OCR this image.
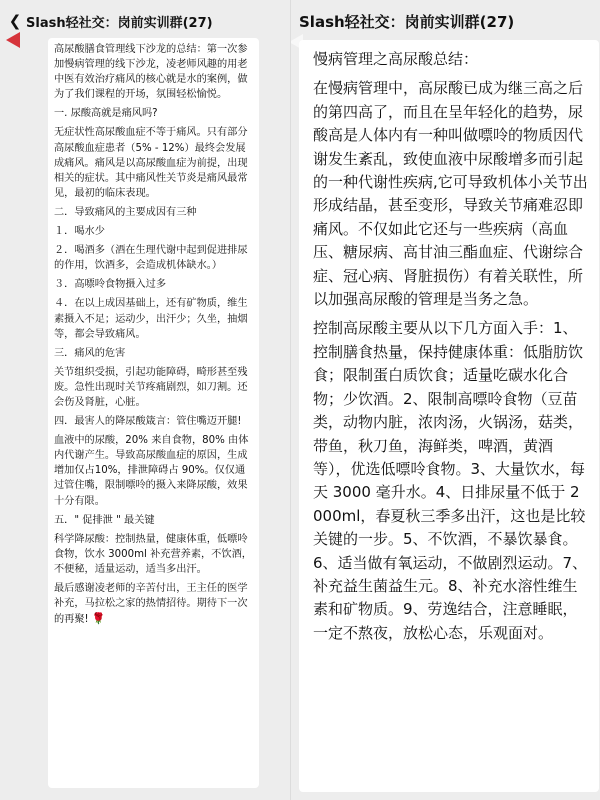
❮ Slash轻社交：岗前实训群(27)

高尿酸膳食管理线下沙龙的总结：第一次参加慢病管理的线下沙龙，凌老师风趣的用老中医有效治疗痛风的核心就是水的案例，做为了我们课程的开场，氛围轻松愉悦。

一. 尿酸高就是痛风吗?

无症状性高尿酸血症不等于痛风。只有部分高尿酸血症患者（5% - 12%）最终会发展成痛风。痛风是以高尿酸血症为前提，出现相关的症状。其中痛风性关节炎是痛风最常见，最初的临床表现。

二．导致痛风的主要成因有三种

１．喝水少

２．喝酒多（酒在生理代谢中起到促进排尿的作用，饮酒多，会造成机体缺水。）

３．高嘌呤食物摄入过多

４．在以上成因基础上，还有矿物质，维生素摄入不足；运动少，出汗少；久坐，抽烟等，都会导致痛风。

三．痛风的危害

关节组织受损，引起功能障碍，畸形甚至残废。急性出现时关节疼痛剧烈，如刀割。还会伤及肾脏，心脏。

四．最害人的降尿酸箴言：管住嘴迈开腿!

血液中的尿酸，20% 来自食物，80% 由体内代谢产生。导致高尿酸血症的原因，生成增加仅占10%，排泄障碍占 90%。仅仅通过管住嘴，限制嘌呤的摄入来降尿酸，效果十分有限。

五．" 促排泄 " 最关键

科学降尿酸：控制热量，健康体重，低嘌呤食物，饮水 3000ml 补充营养素，不饮酒，不便秘，适量运动，适当多出汗。

最后感谢凌老师的辛苦付出，王主任的医学补充，马拉松之家的热情招待。期待下一次的再聚! 🌹

Slash轻社交：岗前实训群(27)

慢病管理之高尿酸总结：

在慢病管理中，高尿酸已成为继三高之后的第四高了，而且在呈年轻化的趋势，尿酸高是人体内有一种叫做嘌呤的物质因代谢发生紊乱，致使血液中尿酸增多而引起的一种代谢性疾病,它可导致机体小关节出形成结晶，甚至变形，导致关节痛难忍即痛风。不仅如此它还与一些疾病（高血压、糖尿病、高甘油三酯血症、代谢综合症、冠心病、肾脏损伤）有着关联性，所以加强高尿酸的管理是当务之急。

控制高尿酸主要从以下几方面入手：1、控制膳食热量，保持健康体重：低脂肪饮食；限制蛋白质饮食；适量吃碳水化合物；少饮酒。2、限制高嘌呤食物（豆苗类，动物内脏，浓肉汤，火锅汤，菇类，带鱼，秋刀鱼，海鲜类，啤酒，黄酒等），优选低嘌呤食物。3、大量饮水，每天 3000 毫升水。4、日排尿量不低于 2000ml，春夏秋三季多出汗，这也是比较关键的一步。5、不饮酒，不暴饮暴食。6、适当做有氧运动，不做剧烈运动。7、补充益生菌益生元。8、补充水溶性维生素和矿物质。9、劳逸结合，注意睡眠，一定不熬夜，放松心态，乐观面对。
